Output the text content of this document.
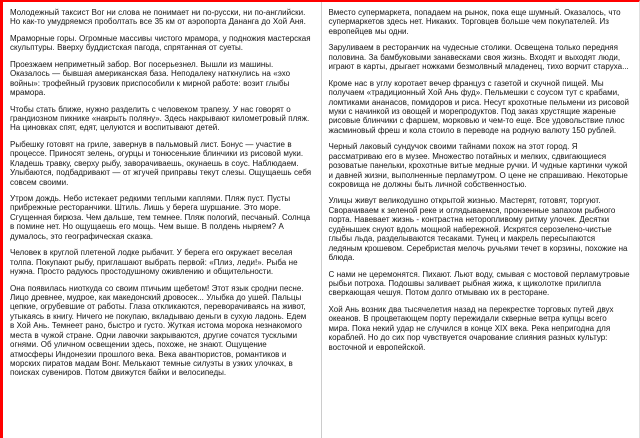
Молодежный таксист Вог ни слова не понимает ни по-русски, ни по-английски. Но как-то умудряемся проболтать все 35 км от аэропорта Дананга до Хой Аня.

Мраморные горы. Огромные массивы чистого мрамора, у подножия мастерская скульптуры. Вверху буддистская пагода, спрятанная от суеты.

Проезжаем неприметный забор. Вог посерьезнел. Вышли из машины. Оказалось — бывшая американская база. Неподалеку наткнулись на «эхо войны»: трофейный грузовик приспособили к мирной работе: возит глыбы мрамора.

Чтобы стать ближе, нужно разделить с человеком трапезу. У нас говорят о грандиозном пикнике «накрыть поляну». Здесь накрывают километровый пляж. На циновках спят, едят, целуются и воспитывают детей.

Рыбешку готовят на гриле, завернув в пальмовый лист. Бонус — участие в процессе. Приносят зелень, огурцы и тонюсенькие блинчики из рисовой муки. Кладешь травку, сверху рыбу, заворачиваешь, окунаешь в соус. Наблюдаем. Улыбаются, подбадривают — от жгучей приправы текут слезы. Ощущаешь себя совсем своими.

Утром дождь. Небо истекает редкими теплыми каплями. Пляж пуст. Пусты прибрежные ресторанчики. Штиль. Лишь у берега шуршание. Это море. Сгущенная бирюза. Чем дальше, тем темнее. Пляж пологий, песчаный. Солнца в помине нет. Но ощущаешь его мощь. Чем выше. В полдень ныряем? А думалось, это географическая сказка.

Человек в круглой плетеной лодке рыбачит. У берега его окружает веселая толпа. Покупают рыбу, приглашают выбрать первой: «Плиз, леди!». Рыба не нужна. Просто радуюсь простодушному оживлению и общительности.

Она появилась ниоткуда со своим птичьим щебетом! Этот язык сродни песне. Лицо древнее, мудрое, как македонский дровосек... Улыбка до ушей. Пальцы цепкие, огрубевшие от работы. Глаза откликаются, переворачиваясь на живот, утыкаясь в книгу. Ничего не покупаю, вкладываю деньги в сухую ладонь. Едем в Хой Ань. Темнеет рано, быстро и густо. Жуткая истома морока незнакомого места в чужой стране. Одни лавочки закрываются, другие сочатся тусклыми огнями. Об уличном освещении здесь, похоже, не знают. Ощущение атмосферы Индонезии прошлого века. Века авантюристов, романтиков и морских пиратов мадам Вонг. Мелькают темные силуэты в узких улочках, в поисках сувениров. Потом движутся байки и велосипеды.

Вместо супермаркета, попадаем на рынок, пока еще шумный. Оказалось, что супермаркетов здесь нет. Никаких. Торговцев больше чем покупателей. Из европейцев мы одни.

Заруливаем в ресторанчик на чудесные столики. Освещена только передняя половина. За бамбуковыми занавесками своя жизнь. Входят и выходят люди, играют в карты, дрыгает ножками безмолвный младенец, тихо ворчит старуха...

Кроме нас в углу коротает вечер француз с газетой и скучной пищей. Мы получаем «традиционный Хой Ань фуд». Пельмешки с соусом тут с крабами, ломтиками ананасов, помидоров и риса. Несут крохотные пельмени из рисовой муки с начинкой из овощей и морепродуктов. Под заказ хрустящие жареные рисовые блинчики с фаршем, морковью и чем-то еще. Все удовольствие плюс жасминовый фреш и кола стоило в переводе на родную валюту 150 рублей.

Черный лаковый сундучок своими тайнами похож на этот город. Я рассматриваю его в музее. Множество потайных и мелких, сдвигающиеся розоватые панельки, крохотные витые медные ручки. И чудные картинки чужой и давней жизни, выполненные перламутром. О цене не спрашиваю. Некоторые сокровища не должны быть личной собственностью.

Улицы живут великодушно открытой жизнью. Мастерят, готовят, торгуют. Сворачиваем к зеленой реке и оглядываемся, пронзенные запахом рыбного порта. Навевает жизнь - контрастна неторопливому ритму улочек. Десятки судёнышек снуют вдоль мощной набережной. Искрятся серозелено-чистые глыбы льда, разделываются тесаками. Тунец и макрель пересыпаются ледяным крошевом. Серебристая мелочь ручьями течет в корзины, похожие на блюда.

С нами не церемонятся. Пихают. Льют воду, смывая с мостовой перламутровые рыбьи потроха. Подошвы заливает рыбная жижа, к щиколотке прилипла сверкающая чешуя. Потом долго отмываю их в ресторане.

Хой Ань возник два тысячелетия назад на перекрестке торговых путей двух океанов. В процветающем порту пережидали скверные ветра купцы всего мира. Пока некий удар не случился в конце XIX века. Река непригодна для кораблей. Но до сих пор чувствуется очарование слияния разных культур: восточной и европейской.
